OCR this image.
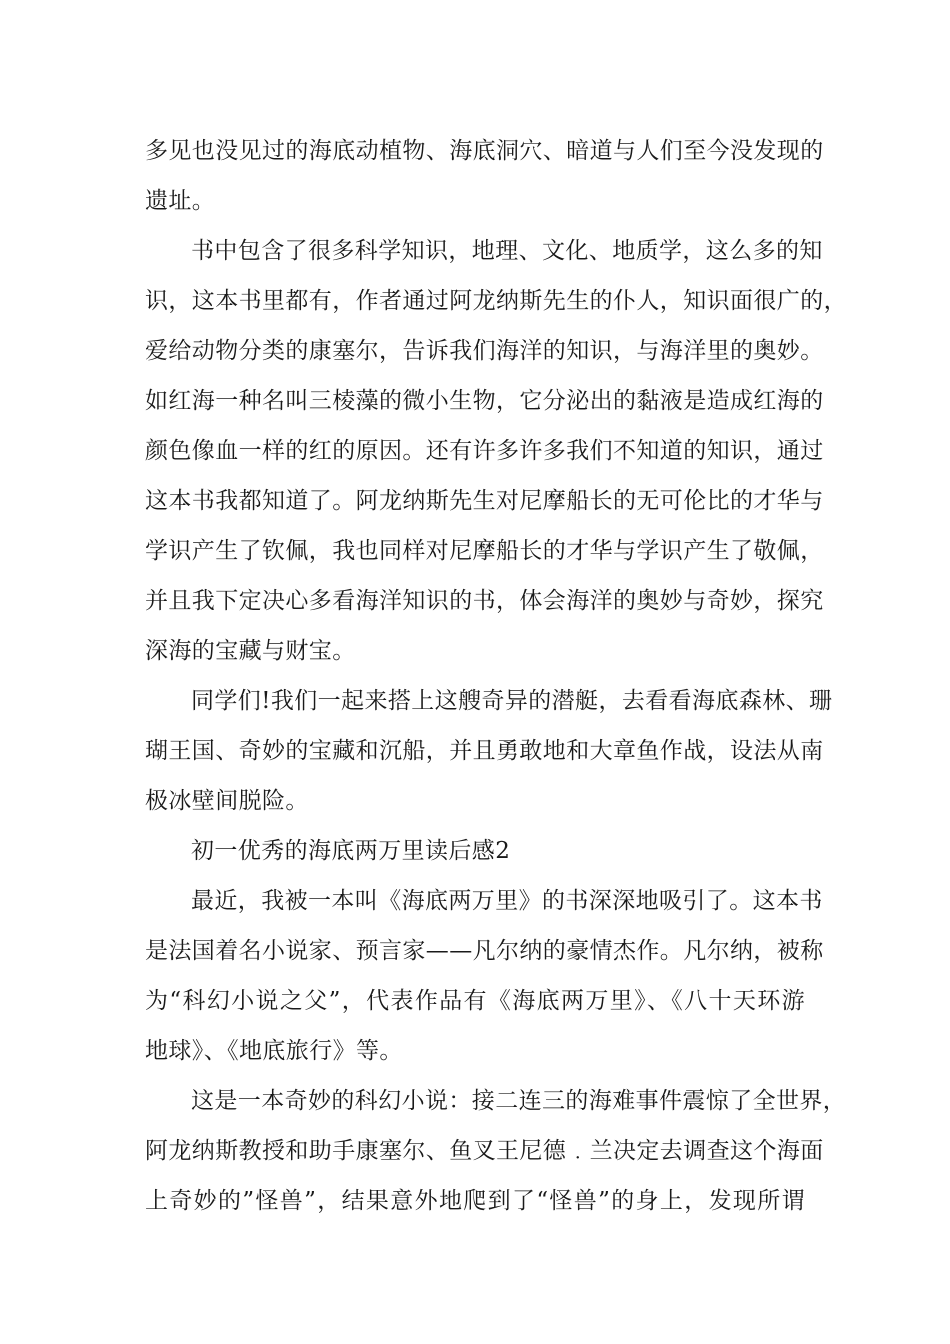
多见也没见过的海底动植物、海底洞穴、暗道与人们至今没发现的
遗址。
书中包含了很多科学知识，地理、文化、地质学，这么多的知
识，这本书里都有，作者通过阿龙纳斯先生的仆人，知识面很广的，
爱给动物分类的康塞尔，告诉我们海洋的知识，与海洋里的奥妙。
如红海一种名叫三棱藻的微小生物，它分泌出的黏液是造成红海的
颜色像血一样的红的原因。还有许多许多我们不知道的知识，通过
这本书我都知道了。阿龙纳斯先生对尼摩船长的无可伦比的才华与
学识产生了钦佩，我也同样对尼摩船长的才华与学识产生了敬佩，
并且我下定决心多看海洋知识的书，体会海洋的奥妙与奇妙，探究
深海的宝藏与财宝。
同学们!我们一起来搭上这艘奇异的潜艇，去看看海底森林、珊
瑚王国、奇妙的宝藏和沉船，并且勇敢地和大章鱼作战，设法从南
极冰壁间脱险。
初一优秀的海底两万里读后感2
最近，我被一本叫《海底两万里》的书深深地吸引了。这本书
是法国着名小说家、预言家——凡尔纳的豪情杰作。凡尔纳，被称
为“科幻小说之父”，代表作品有《海底两万里》、《八十天环游
地球》、《地底旅行》等。
这是一本奇妙的科幻小说：接二连三的海难事件震惊了全世界，
阿龙纳斯教授和助手康塞尔、鱼叉王尼德﹒兰决定去调查这个海面
上奇妙的”怪兽”，结果意外地爬到了“怪兽”的身上，发现所谓
